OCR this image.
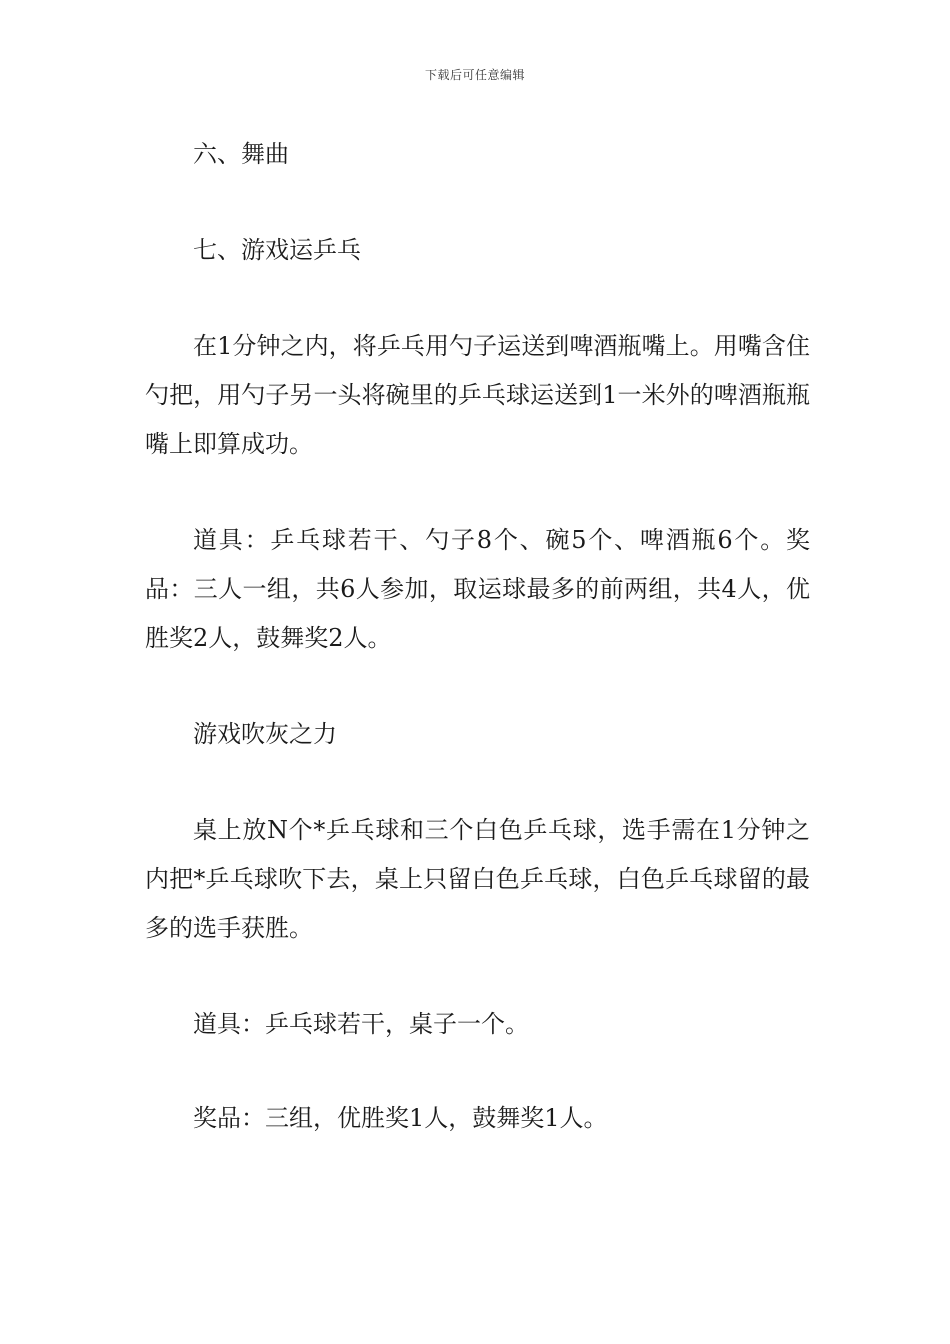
下载后可任意编辑

六、舞曲

七、游戏运乒乓

在1分钟之内，将乒乓用勺子运送到啤酒瓶嘴上。用嘴含住勺把，用勺子另一头将碗里的乒乓球运送到1一米外的啤酒瓶瓶嘴上即算成功。

道具：乒乓球若干、勺子8个、碗5个、啤酒瓶6个。奖品：三人一组，共6人参加，取运球最多的前两组，共4人，优胜奖2人，鼓舞奖2人。

游戏吹灰之力

桌上放N个*乒乓球和三个白色乒乓球，选手需在1分钟之内把*乒乓球吹下去，桌上只留白色乒乓球，白色乒乓球留的最多的选手获胜。

道具：乒乓球若干，桌子一个。

奖品：三组，优胜奖1人，鼓舞奖1人。
